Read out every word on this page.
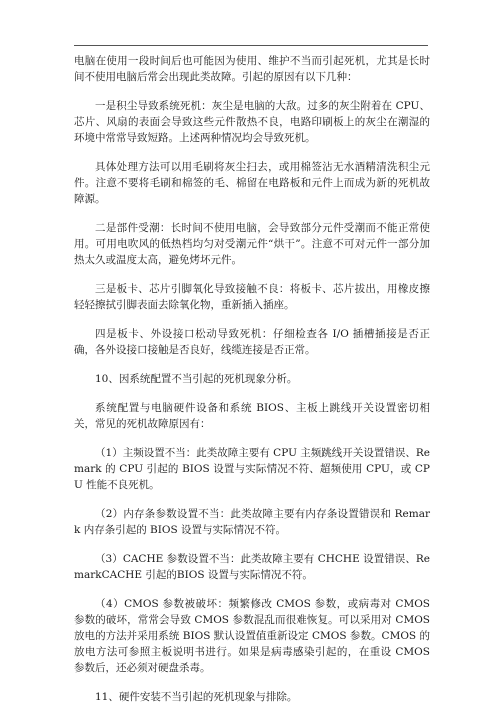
电脑在使用一段时间后也可能因为使用、维护不当而引起死机，尤其是长时间不使用电脑后常会出现此类故障。引起的原因有以下几种：

一是积尘导致系统死机：灰尘是电脑的大敌。过多的灰尘附着在 CPU、芯片、风扇的表面会导致这些元件散热不良，电路印刷板上的灰尘在潮湿的环境中常常导致短路。上述两种情况均会导致死机。

具体处理方法可以用毛刷将灰尘扫去，或用棉签沾无水酒精清洗积尘元件。注意不要将毛刷和棉签的毛、棉留在电路板和元件上而成为新的死机故障源。

二是部件受潮：长时间不使用电脑，会导致部分元件受潮而不能正常使用。可用电吹风的低热档均匀对受潮元件“烘干”。注意不可对元件一部分加热太久或温度太高，避免烤坏元件。

三是板卡、芯片引脚氧化导致接触不良：将板卡、芯片拔出，用橡皮擦轻轻擦拭引脚表面去除氧化物，重新插入插座。

四是板卡、外设接口松动导致死机：仔细检查各 I/O 插槽插接是否正确，各外设接口接触是否良好，线缆连接是否正常。

10、因系统配置不当引起的死机现象分析。

系统配置与电脑硬件设备和系统 BIOS、主板上跳线开关设置密切相关，常见的死机故障原因有：

（1）主频设置不当：此类故障主要有 CPU 主频跳线开关设置错误、Remark 的 CPU 引起的 BIOS 设置与实际情况不符、超频使用 CPU，或 CPU 性能不良死机。

（2）内存条参数设置不当：此类故障主要有内存条设置错误和 Remark 内存条引起的 BIOS 设置与实际情况不符。

（3）CACHE 参数设置不当：此类故障主要有 CHCHE 设置错误、RemarkCACHE 引起的BIOS 设置与实际情况不符。

（4）CMOS 参数被破坏：频繁修改 CMOS 参数，或病毒对 CMOS 参数的破坏，常常会导致 CMOS 参数混乱而很难恢复。可以采用对 CMOS 放电的方法并采用系统 BIOS 默认设置值重新设定 CMOS 参数。CMOS 的放电方法可参照主板说明书进行。如果是病毒感染引起的，在重设 CMOS 参数后，还必须对硬盘杀毒。

11、硬件安装不当引起的死机现象与排除。
